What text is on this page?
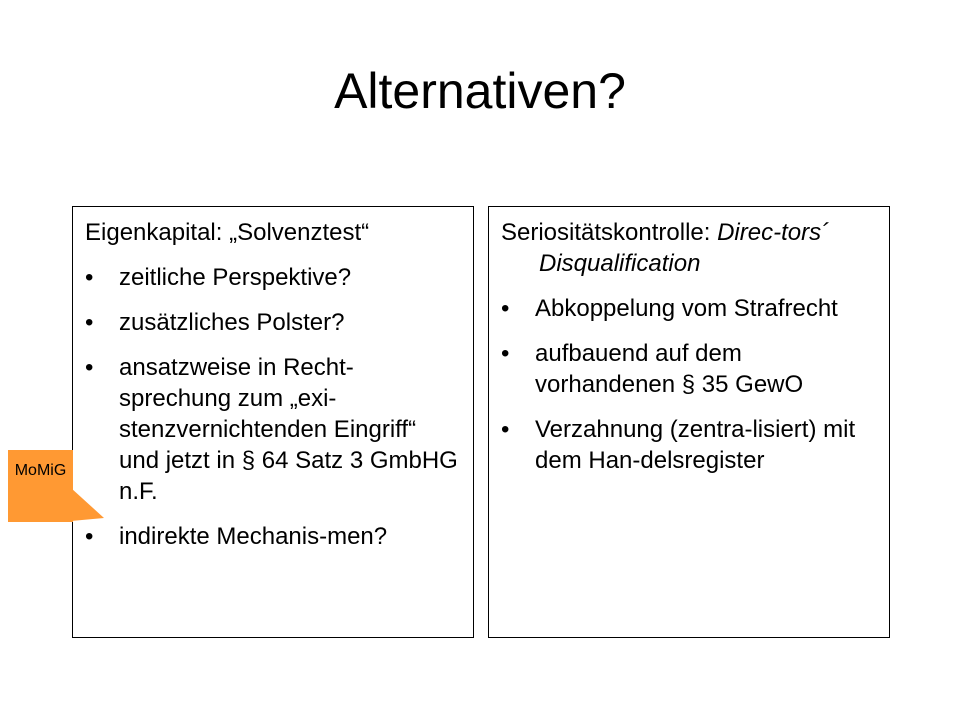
Alternativen?

Eigenkapital: „Solvenztest“

• zeitliche Perspektive?
• zusätzliches Polster?
• ansatzweise in Recht-sprechung zum „exi-stenzvernichtenden Eingriff“ und jetzt in § 64 Satz 3 GmbHG n.F.
• indirekte Mechanis-men?

Seriositätskontrolle: Direc-tors´ Disqualification

• Abkoppelung vom Strafrecht
• aufbauend auf dem vorhandenen § 35 GewO
• Verzahnung (zentra-lisiert) mit dem Han-delsregister
MoMiG
